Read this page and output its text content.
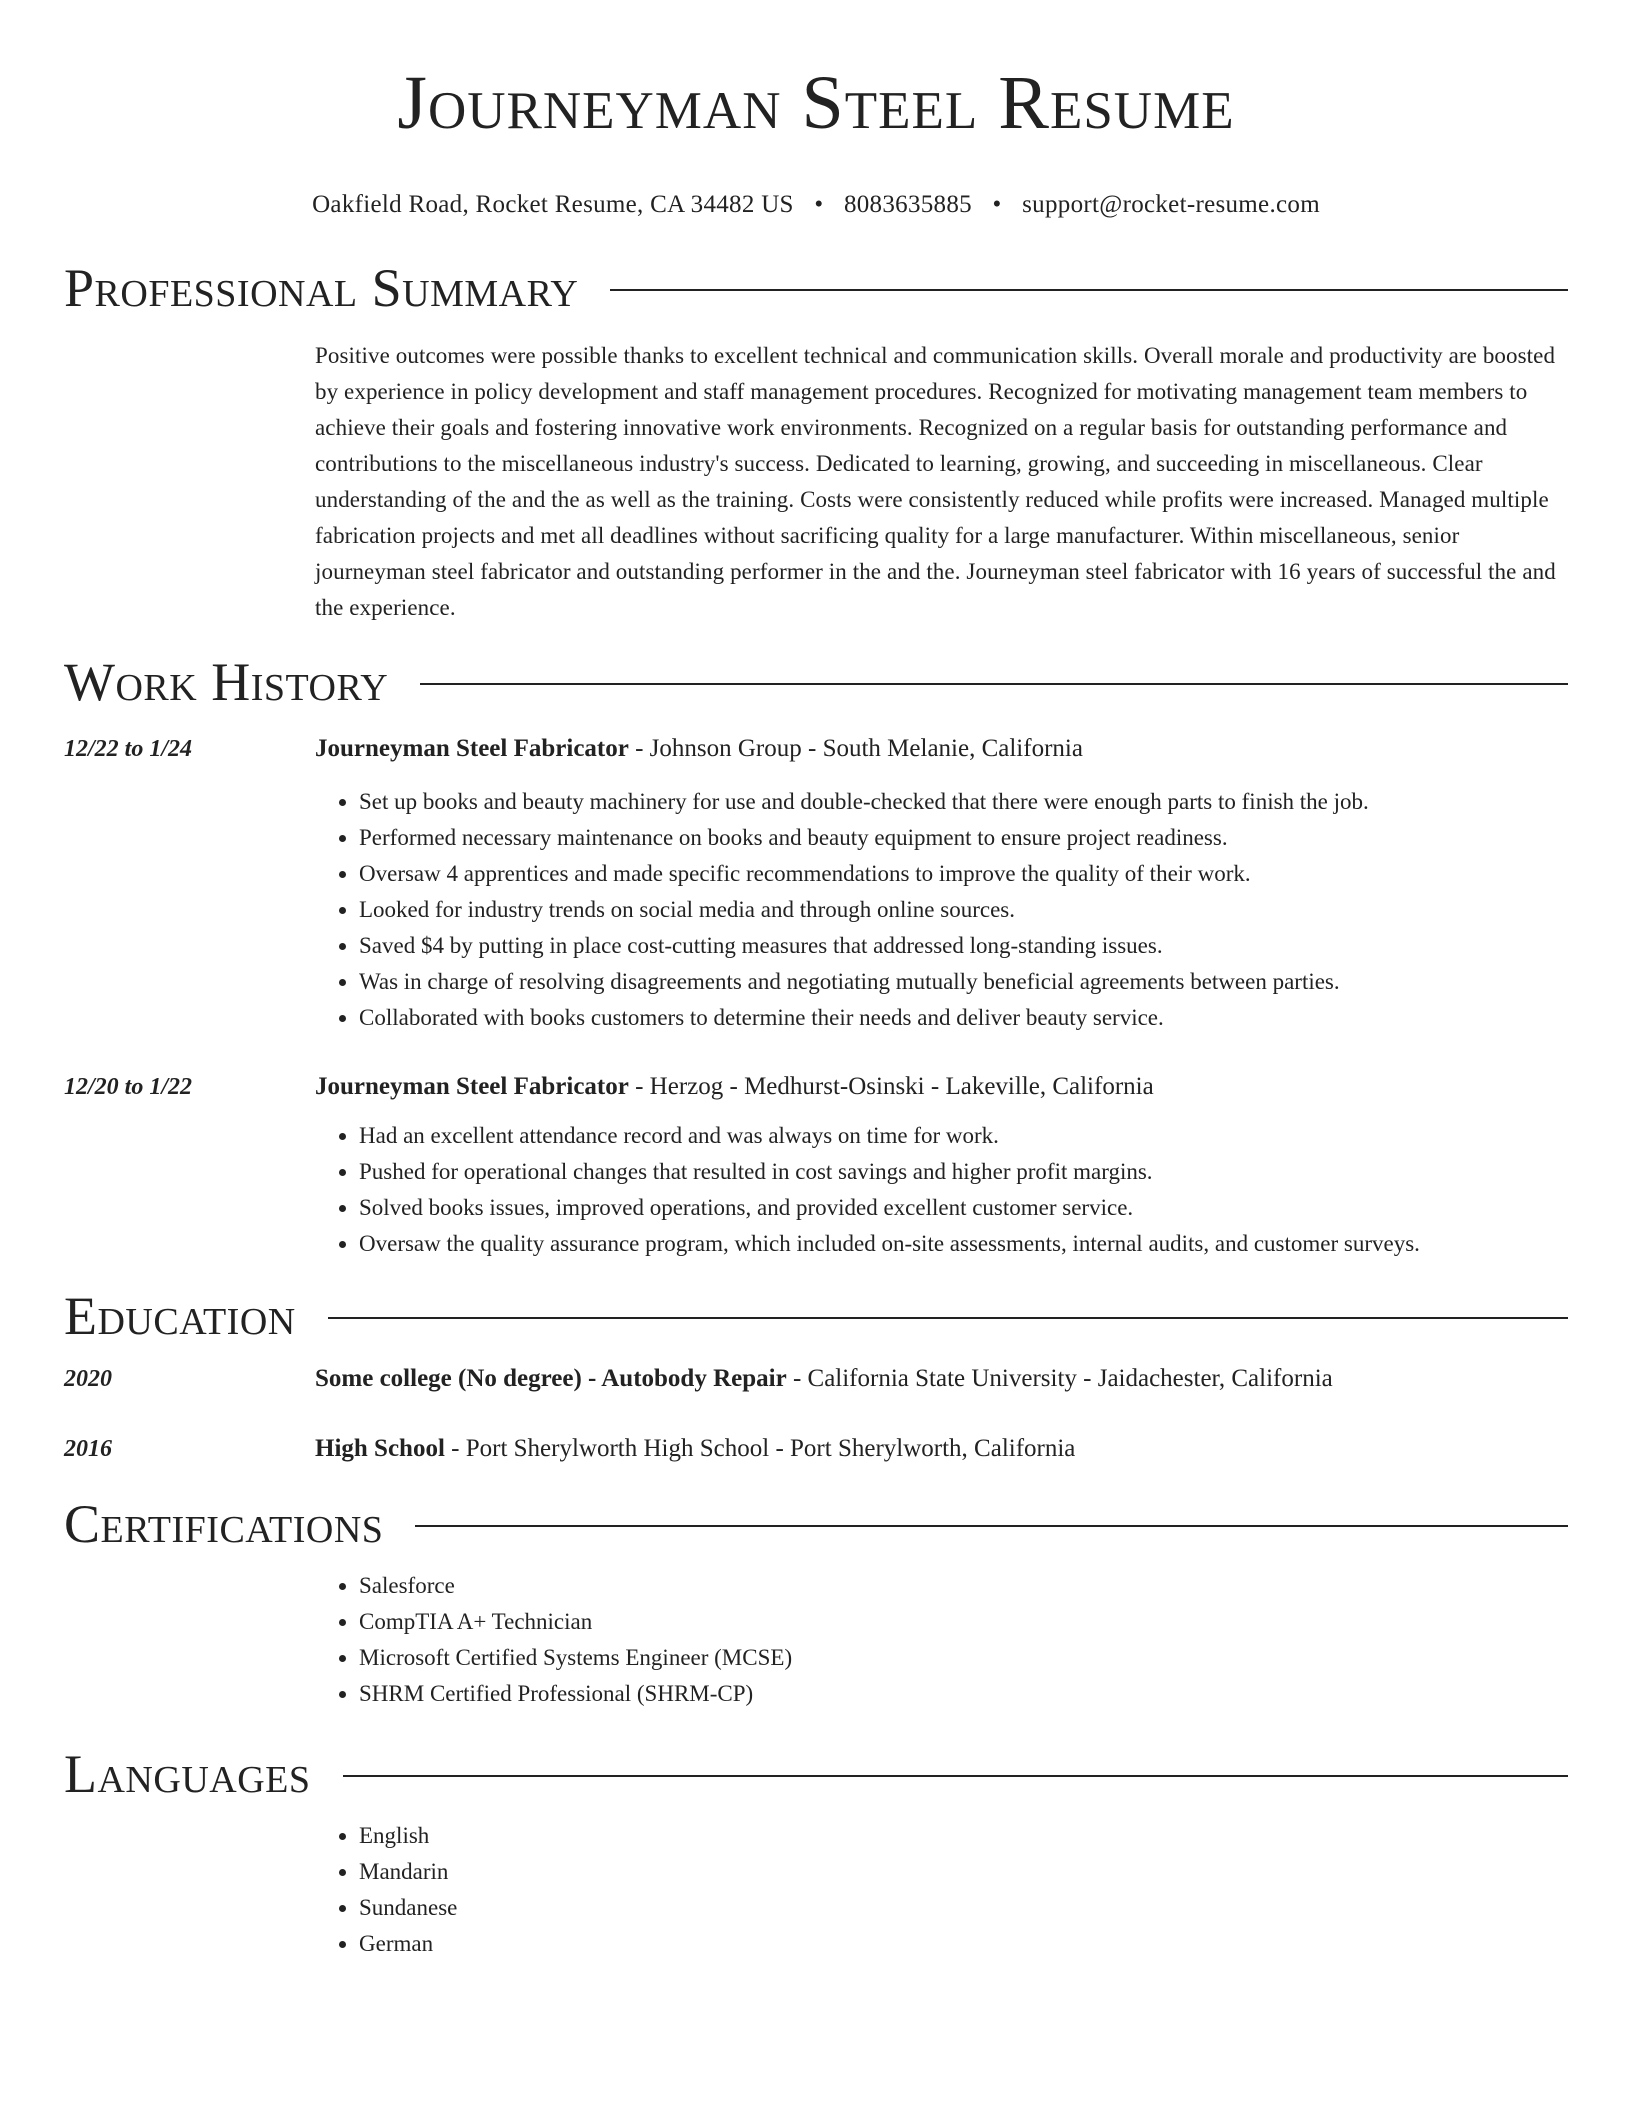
Journeyman Steel Resume
Oakfield Road, Rocket Resume, CA 34482 US • 8083635885 • support@rocket-resume.com
Professional Summary
Positive outcomes were possible thanks to excellent technical and communication skills. Overall morale and productivity are boosted by experience in policy development and staff management procedures. Recognized for motivating management team members to achieve their goals and fostering innovative work environments. Recognized on a regular basis for outstanding performance and contributions to the miscellaneous industry's success. Dedicated to learning, growing, and succeeding in miscellaneous. Clear understanding of the and the as well as the training. Costs were consistently reduced while profits were increased. Managed multiple fabrication projects and met all deadlines without sacrificing quality for a large manufacturer. Within miscellaneous, senior journeyman steel fabricator and outstanding performer in the and the. Journeyman steel fabricator with 16 years of successful the and the experience.
Work History
12/22 to 1/24	Journeyman Steel Fabricator - Johnson Group - South Melanie, California
• Set up books and beauty machinery for use and double-checked that there were enough parts to finish the job.
• Performed necessary maintenance on books and beauty equipment to ensure project readiness.
• Oversaw 4 apprentices and made specific recommendations to improve the quality of their work.
• Looked for industry trends on social media and through online sources.
• Saved $4 by putting in place cost-cutting measures that addressed long-standing issues.
• Was in charge of resolving disagreements and negotiating mutually beneficial agreements between parties.
• Collaborated with books customers to determine their needs and deliver beauty service.
12/20 to 1/22	Journeyman Steel Fabricator - Herzog - Medhurst-Osinski - Lakeville, California
• Had an excellent attendance record and was always on time for work.
• Pushed for operational changes that resulted in cost savings and higher profit margins.
• Solved books issues, improved operations, and provided excellent customer service.
• Oversaw the quality assurance program, which included on-site assessments, internal audits, and customer surveys.
Education
2020	Some college (No degree) - Autobody Repair - California State University - Jaidachester, California
2016	High School - Port Sherylworth High School - Port Sherylworth, California
Certifications
• Salesforce
• CompTIA A+ Technician
• Microsoft Certified Systems Engineer (MCSE)
• SHRM Certified Professional (SHRM-CP)
Languages
• English
• Mandarin
• Sundanese
• German
